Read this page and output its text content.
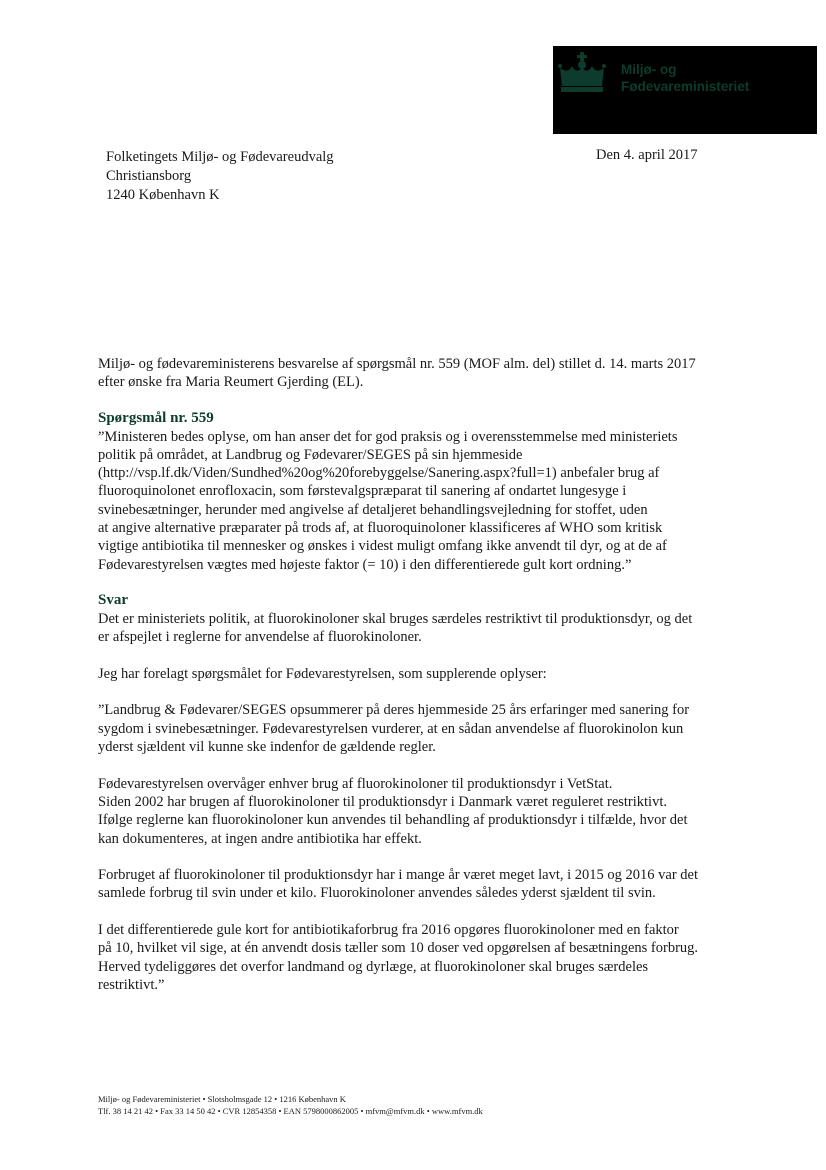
Miljø- og
Fødevareministeriet
Den 4. april 2017
Folketingets Miljø- og Fødevareudvalg
Christiansborg
1240 København K

Miljø- og fødevareministerens besvarelse af spørgsmål nr. 559 (MOF alm. del) stillet d. 14. marts 2017
efter ønske fra Maria Reumert Gjerding (EL).

Spørgsmål nr. 559

”Ministeren bedes oplyse, om han anser det for god praksis og i overensstemmelse med ministeriets
politik på området, at Landbrug og Fødevarer/SEGES på sin hjemmeside
(http://vsp.lf.dk/Viden/Sundhed%20og%20forebyggelse/Sanering.aspx?full=1) anbefaler brug af
fluoroquinolonet enrofloxacin, som førstevalgspræparat til sanering af ondartet lungesyge i
svinebesætninger, herunder med angivelse af detaljeret behandlingsvejledning for stoffet, uden
at angive alternative præparater på trods af, at fluoroquinoloner klassificeres af WHO som kritisk
vigtige antibiotika til mennesker og ønskes i videst muligt omfang ikke anvendt til dyr, og at de af
Fødevarestyrelsen vægtes med højeste faktor (= 10) i den differentierede gult kort ordning.”

Svar

Det er ministeriets politik, at fluorokinoloner skal bruges særdeles restriktivt til produktionsdyr, og det
er afspejlet i reglerne for anvendelse af fluorokinoloner.

Jeg har forelagt spørgsmålet for Fødevarestyrelsen, som supplerende oplyser:

”Landbrug & Fødevarer/SEGES opsummerer på deres hjemmeside 25 års erfaringer med sanering for
sygdom i svinebesætninger. Fødevarestyrelsen vurderer, at en sådan anvendelse af fluorokinolon kun
yderst sjældent vil kunne ske indenfor de gældende regler.

Fødevarestyrelsen overvåger enhver brug af fluorokinoloner til produktionsdyr i VetStat.
Siden 2002 har brugen af fluorokinoloner til produktionsdyr i Danmark været reguleret restriktivt.
Ifølge reglerne kan fluorokinoloner kun anvendes til behandling af produktionsdyr i tilfælde, hvor det
kan dokumenteres, at ingen andre antibiotika har effekt.

Forbruget af fluorokinoloner til produktionsdyr har i mange år været meget lavt, i 2015 og 2016 var det
samlede forbrug til svin under et kilo. Fluorokinoloner anvendes således yderst sjældent til svin.

I det differentierede gule kort for antibiotikaforbrug fra 2016 opgøres fluorokinoloner med en faktor
på 10, hvilket vil sige, at én anvendt dosis tæller som 10 doser ved opgørelsen af besætningens forbrug.
Herved tydeliggøres det overfor landmand og dyrlæge, at fluorokinoloner skal bruges særdeles
restriktivt.”

Miljø- og Fødevareministeriet • Slotsholmsgade 12 • 1216 København K
Tlf. 38 14 21 42 • Fax 33 14 50 42 • CVR 12854358 • EAN 5798000862005 • mfvm@mfvm.dk • www.mfvm.dk
